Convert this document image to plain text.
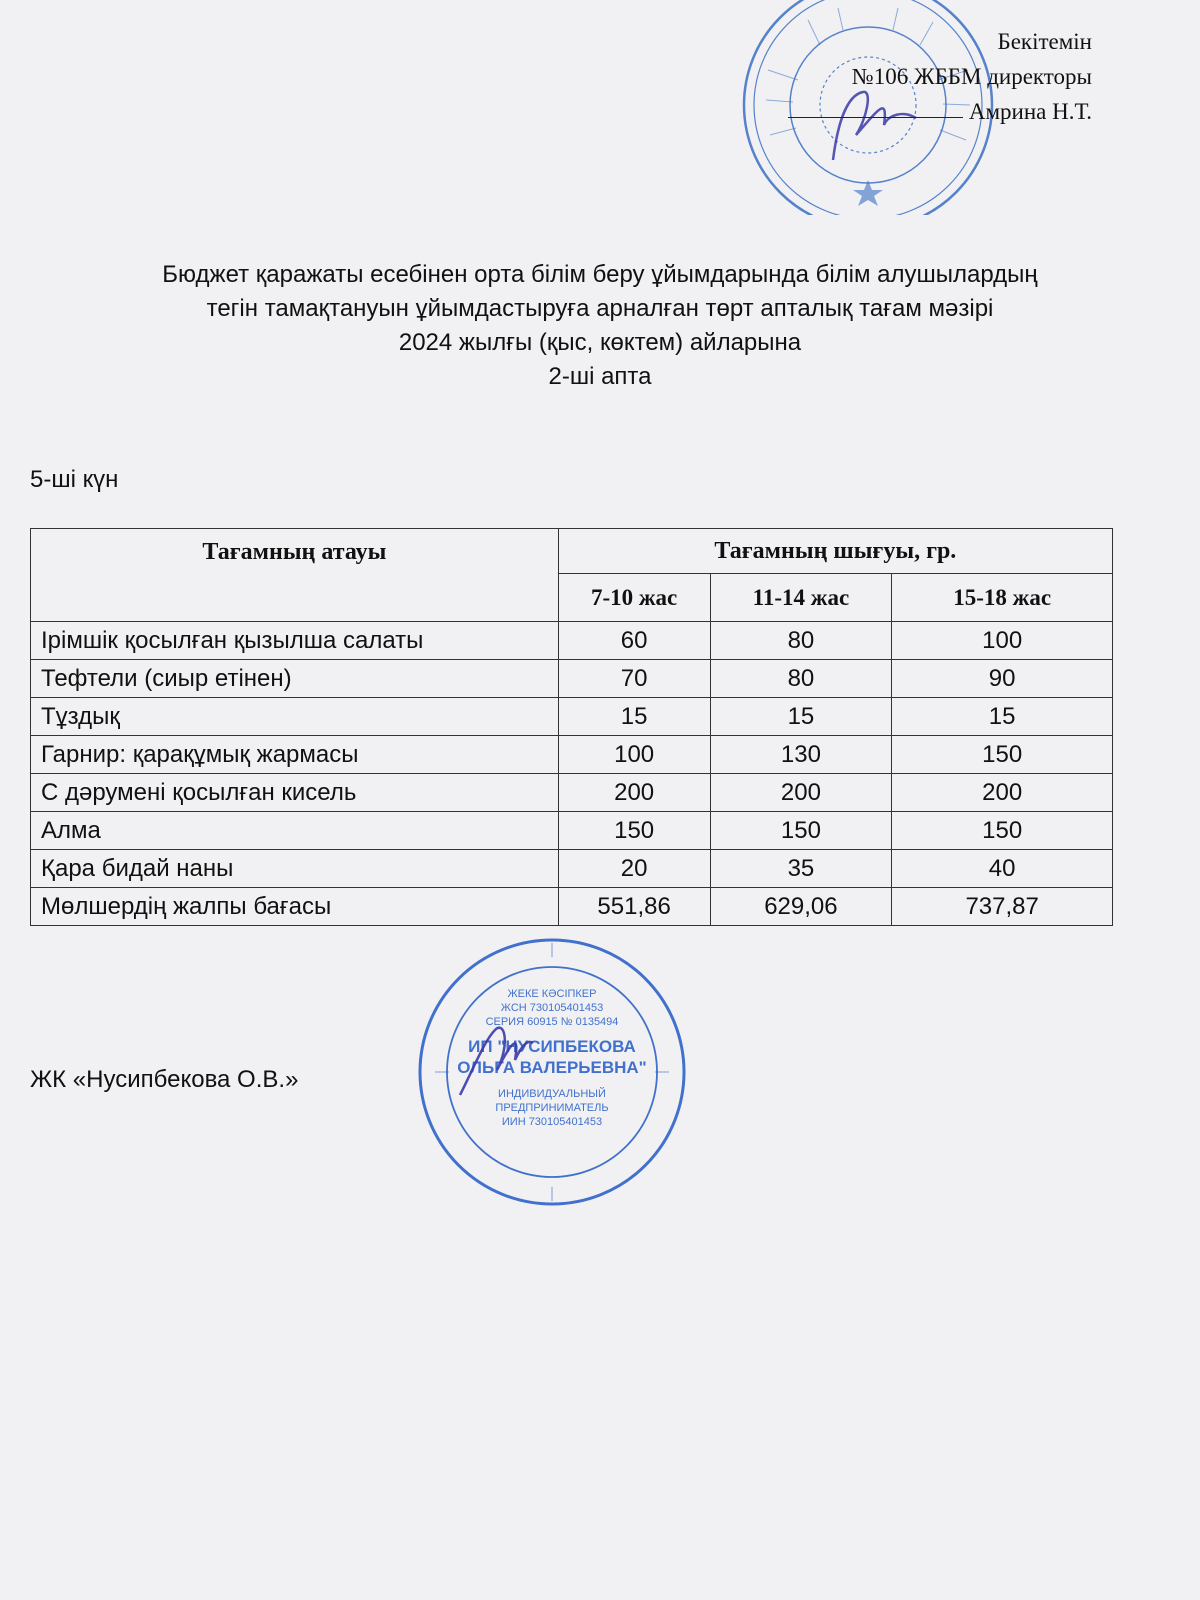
Бекітемін
№106 ЖББМ директоры
Амрина Н.Т.
Бюджет қаражаты есебінен орта білім беру ұйымдарында білім алушылардың
тегін тамақтануын ұйымдастыруға арналған төрт апталық тағам мәзірі
2024 жылғы (қыс, көктем) айларына
2-ші апта
5-ші күн
Тағамның атауы	Тағамның шығуы, гр.		
	7-10 жас	11-14 жас	15-18 жас
Ірімшік қосылған қызылша салаты	60	80	100
Тефтели (сиыр етінен)	70	80	90
Тұздық	15	15	15
Гарнир: қарақұмық жармасы	100	130	150
С дәрумені қосылған кисель	200	200	200
Алма	150	150	150
Қара бидай наны	20	35	40
Мөлшердің жалпы бағасы	551,86	629,06	737,87
ЖК «Нусипбекова О.В.»
ЖЕКЕ КӘСІПКЕР
ЖСН 730105401453
СЕРИЯ 60915 № 0135494
ИП "НУСИПБЕКОВА
ОЛЬГА ВАЛЕРЬЕВНА"
ИНДИВИДУАЛЬНЫЙ
ПРЕДПРИНИМАТЕЛЬ
ИИН 730105401453
